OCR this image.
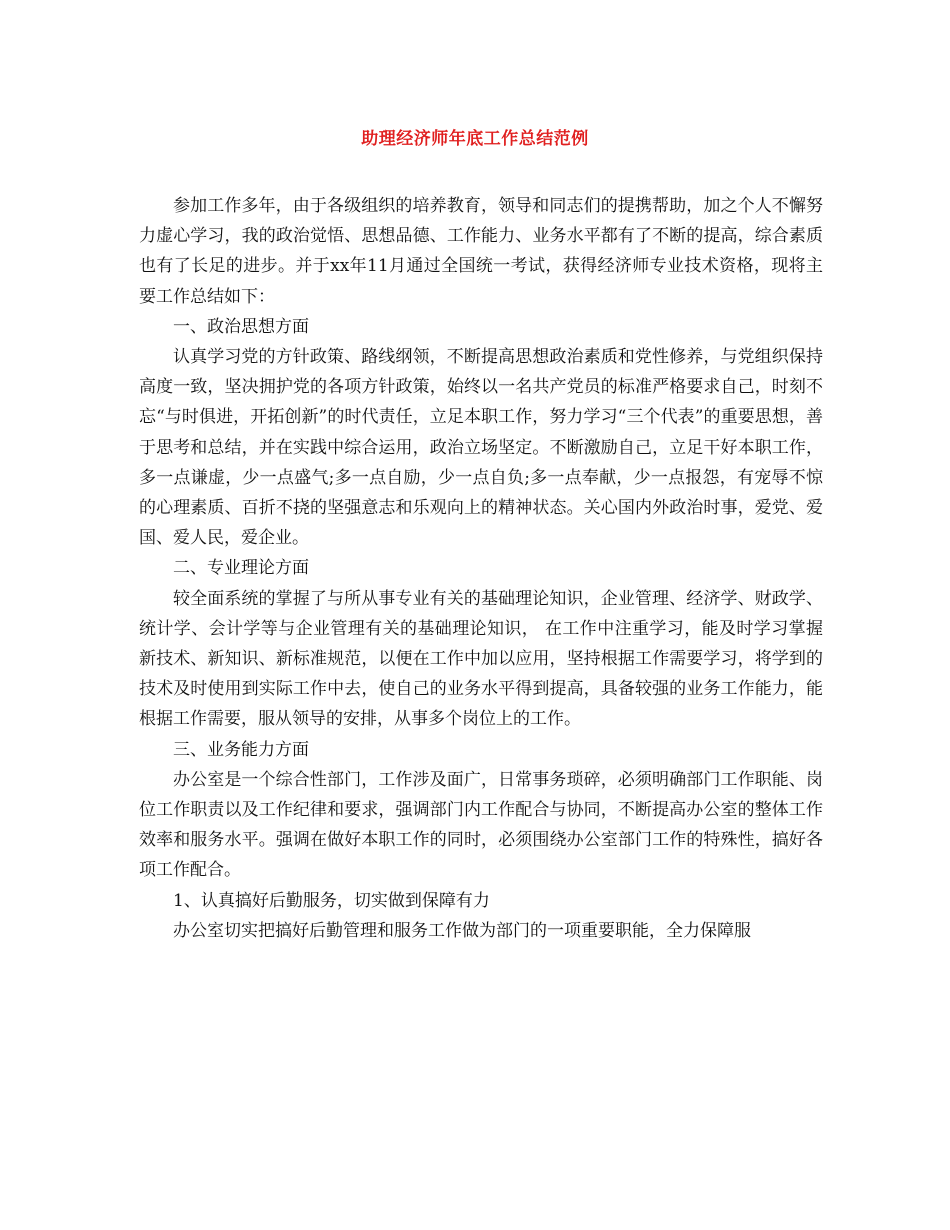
助理经济师年底工作总结范例

参加工作多年，由于各级组织的培养教育，领导和同志们的提携帮助，加之个人不懈努力虚心学习，我的政治觉悟、思想品德、工作能力、业务水平都有了不断的提高，综合素质也有了长足的进步。并于xx年11月通过全国统一考试，获得经济师专业技术资格，现将主要工作总结如下：

一、政治思想方面

认真学习党的方针政策、路线纲领，不断提高思想政治素质和党性修养，与党组织保持高度一致，坚决拥护党的各项方针政策，始终以一名共产党员的标准严格要求自己，时刻不忘“与时俱进，开拓创新”的时代责任，立足本职工作，努力学习“三个代表”的重要思想，善于思考和总结，并在实践中综合运用，政治立场坚定。不断激励自己，立足干好本职工作，多一点谦虚，少一点盛气;多一点自励，少一点自负;多一点奉献，少一点报怨，有宠辱不惊的心理素质、百折不挠的坚强意志和乐观向上的精神状态。关心国内外政治时事，爱党、爱国、爱人民，爱企业。

二、专业理论方面

较全面系统的掌握了与所从事专业有关的基础理论知识，企业管理、经济学、财政学、统计学、会计学等与企业管理有关的基础理论知识， 在工作中注重学习，能及时学习掌握新技术、新知识、新标准规范，以便在工作中加以应用，坚持根据工作需要学习，将学到的技术及时使用到实际工作中去，使自己的业务水平得到提高，具备较强的业务工作能力，能根据工作需要，服从领导的安排，从事多个岗位上的工作。

三、业务能力方面

办公室是一个综合性部门，工作涉及面广，日常事务琐碎，必须明确部门工作职能、岗位工作职责以及工作纪律和要求，强调部门内工作配合与协同，不断提高办公室的整体工作效率和服务水平。强调在做好本职工作的同时，必须围绕办公室部门工作的特殊性，搞好各项工作配合。

1、认真搞好后勤服务，切实做到保障有力

办公室切实把搞好后勤管理和服务工作做为部门的一项重要职能，全力保障服
